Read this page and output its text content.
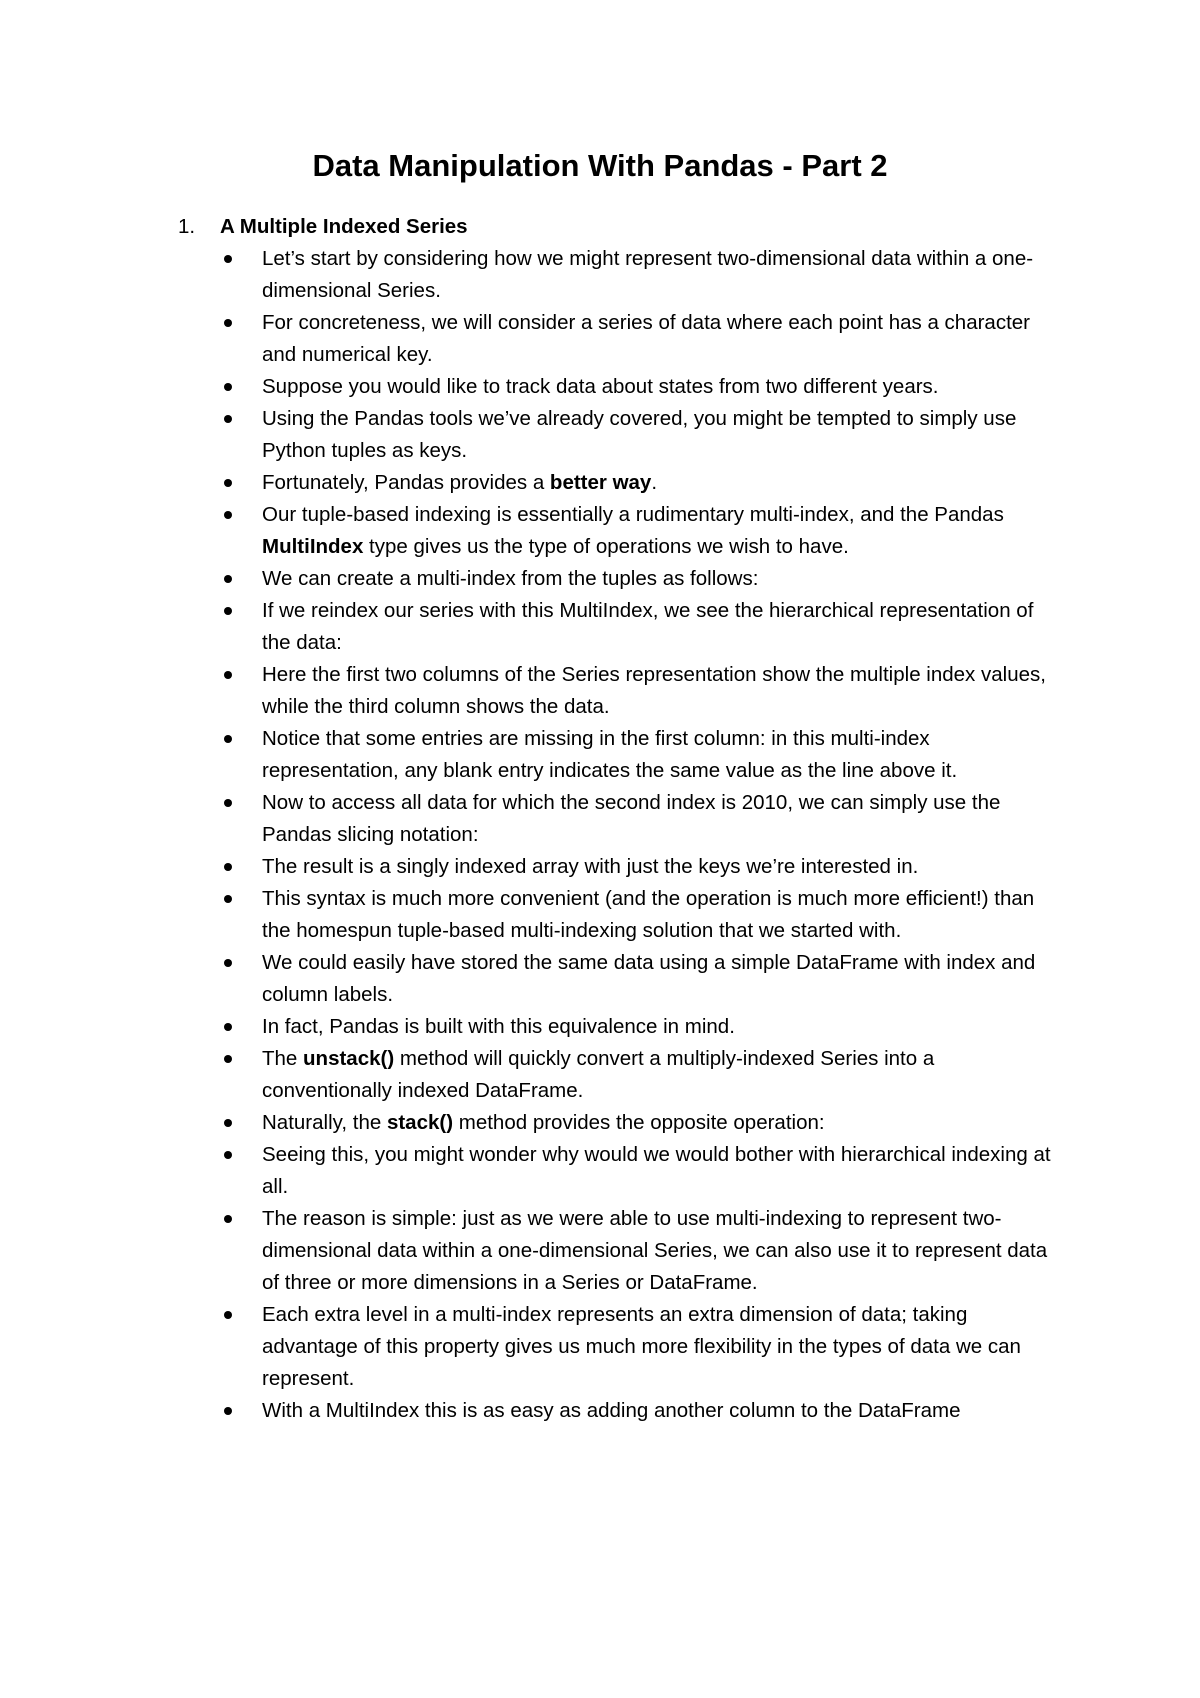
Data Manipulation With Pandas - Part 2
1.	A Multiple Indexed Series
Let’s start by considering how we might represent two-dimensional data within a one-dimensional Series.
For concreteness, we will consider a series of data where each point has a character and numerical key.
Suppose you would like to track data about states from two different years.
Using the Pandas tools we’ve already covered, you might be tempted to simply use Python tuples as keys.
Fortunately, Pandas provides a better way.
Our tuple-based indexing is essentially a rudimentary multi-index, and the Pandas MultiIndex type gives us the type of operations we wish to have.
We can create a multi-index from the tuples as follows:
If we reindex our series with this MultiIndex, we see the hierarchical representation of the data:
Here the first two columns of the Series representation show the multiple index values, while the third column shows the data.
Notice that some entries are missing in the first column: in this multi-index representation, any blank entry indicates the same value as the line above it.
Now to access all data for which the second index is 2010, we can simply use the Pandas slicing notation:
The result is a singly indexed array with just the keys we’re interested in.
This syntax is much more convenient (and the operation is much more efficient!) than the homespun tuple-based multi-indexing solution that we started with.
We could easily have stored the same data using a simple DataFrame with index and column labels.
In fact, Pandas is built with this equivalence in mind.
The unstack() method will quickly convert a multiply-indexed Series into a conventionally indexed DataFrame.
Naturally, the stack() method provides the opposite operation:
Seeing this, you might wonder why would we would bother with hierarchical indexing at all.
The reason is simple: just as we were able to use multi-indexing to represent two-dimensional data within a one-dimensional Series, we can also use it to represent data of three or more dimensions in a Series or DataFrame.
Each extra level in a multi-index represents an extra dimension of data; taking advantage of this property gives us much more flexibility in the types of data we can represent.
With a MultiIndex this is as easy as adding another column to the DataFrame
